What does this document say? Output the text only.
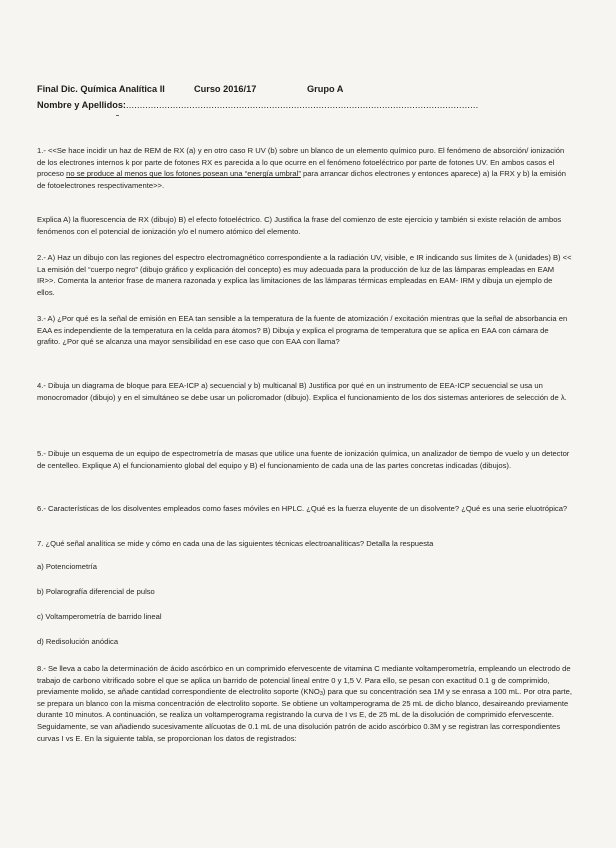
Final Dic. Química Analítica II	Curso 2016/17	Grupo A
Nombre y Apellidos:................................................................................................................................
1.- <<Se hace incidir un haz de REM de RX (a) y en otro caso R UV (b) sobre un blanco de un elemento químico puro. El fenómeno de absorción/ ionización de los electrones internos k por parte de fotones RX es parecida a lo que ocurre en el fenómeno fotoeléctrico por parte de fotones UV. En ambos casos el proceso no se produce al menos que los fotones posean una “energía umbral” para arrancar dichos electrones y entonces aparece) a) la FRX y b) la emisión de fotoelectrones respectivamente>>.
Explica A) la fluorescencia de RX (dibujo) B) el efecto fotoeléctrico. C) Justifica la frase del comienzo de este ejercicio y también si existe relación de ambos fenómenos con el potencial de ionización y/o el numero atómico del elemento.
2.- A) Haz un dibujo con las regiones del espectro electromagnético correspondiente a la radiación UV, visible, e IR indicando sus límites de λ (unidades) B) << La emisión del “cuerpo negro” (dibujo gráfico y explicación del concepto) es muy adecuada para la producción de luz de las lámparas empleadas en EAM IR>>. Comenta la anterior frase de manera razonada y explica las limitaciones de las lámparas térmicas empleadas en EAM- IRM y dibuja un ejemplo de ellos.
3.- A) ¿Por qué es la señal de emisión en EEA tan sensible a la temperatura de la fuente de atomización / excitación mientras que la señal de absorbancia en EAA es independiente de la temperatura en la celda para átomos? B) Dibuja y explica el programa de temperatura que se aplica en EAA con cámara de grafito. ¿Por qué se alcanza una mayor sensibilidad en ese caso que con EAA con llama?
4.- Dibuja un diagrama de bloque para EEA-ICP a) secuencial y b) multicanal B) Justifica por qué en un instrumento de EEA-ICP secuencial se usa un monocromador (dibujo) y en el simultáneo se debe usar un policromador (dibujo). Explica el funcionamiento de los dos sistemas anteriores de selección de λ.
5.- Dibuje un esquema de un equipo de espectrometría de masas que utilice una fuente de ionización química, un analizador de tiempo de vuelo y un detector de centelleo. Explique A) el funcionamiento global del equipo y B) el funcionamiento de cada una de las partes concretas indicadas (dibujos).
6.- Características de los disolventes empleados como fases móviles en HPLC. ¿Qué es la fuerza eluyente de un disolvente? ¿Qué es una serie eluotrópica?
7. ¿Qué señal analítica se mide y cómo en cada una de las siguientes técnicas electroanalíticas? Detalla la respuesta
a) Potenciometría
b) Polarografía diferencial de pulso
c) Voltamperometría de barrido lineal
d) Redisolución anódica
8.- Se lleva a cabo la determinación de ácido ascórbico en un comprimido efervescente de vitamina C mediante voltamperometría, empleando un electrodo de trabajo de carbono vitrificado sobre el que se aplica un barrido de potencial lineal entre 0 y 1,5 V. Para ello, se pesan con exactitud 0.1 g de comprimido, previamente molido, se añade cantidad correspondiente de electrolito soporte $(KNO_3)$ para que su concentración sea 1M y se enrasa a 100 mL. Por otra parte, se prepara un blanco con la misma concentración de electrolito soporte. Se obtiene un voltamperograma de 25 mL de dicho blanco, desaireando previamente durante 10 minutos. A continuación, se realiza un voltamperograma registrando la curva de I vs E, de 25 mL de la disolución de comprimido efervescente. Seguidamente, se van añadiendo sucesivamente alícuotas de 0.1 mL de una disolución patrón de acido ascórbico 0.3M y se registran las correspondientes curvas I vs E. En la siguiente tabla, se proporcionan los datos de registrados:
